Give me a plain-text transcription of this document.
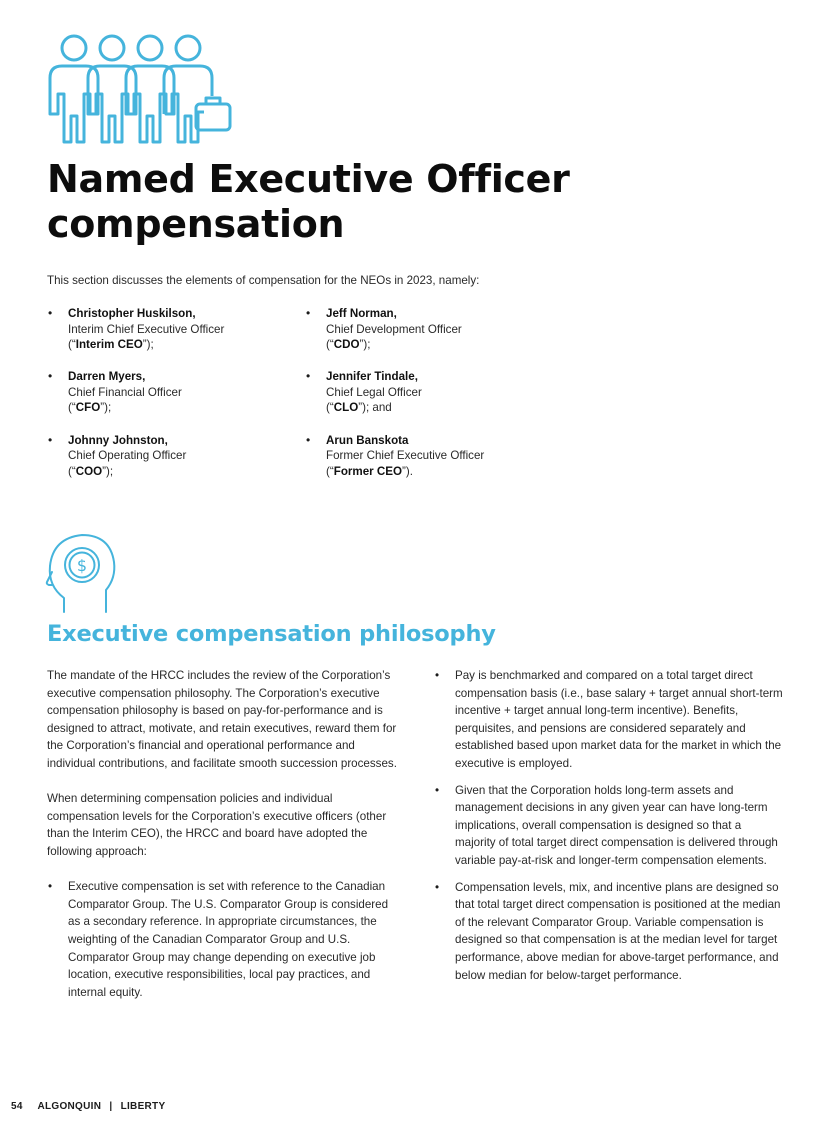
Named Executive Officer compensation

This section discusses the elements of compensation for the NEOs in 2023, namely:

• Christopher Huskilson,
Interim Chief Executive Officer
(“Interim CEO”);
• Darren Myers,
Chief Financial Officer
(“CFO”);
• Johnny Johnston,
Chief Operating Officer
(“COO”);
• Jeff Norman,
Chief Development Officer
(“CDO”);
• Jennifer Tindale,
Chief Legal Officer
(“CLO”); and
• Arun Banskota
Former Chief Executive Officer
(“Former CEO”).
$
Executive compensation philosophy

The mandate of the HRCC includes the review of the Corporation’s executive compensation philosophy. The Corporation’s executive compensation philosophy is based on pay-for-performance and is designed to attract, motivate, and retain executives, reward them for the Corporation’s financial and operational performance and individual contributions, and facilitate smooth succession processes.

When determining compensation policies and individual compensation levels for the Corporation’s executive officers (other than the Interim CEO), the HRCC and board have adopted the following approach:

• Executive compensation is set with reference to the Canadian Comparator Group. The U.S. Comparator Group is considered as a secondary reference. In appropriate circumstances, the weighting of the Canadian Comparator Group and U.S. Comparator Group may change depending on executive job location, executive responsibilities, local pay practices, and internal equity.

• Pay is benchmarked and compared on a total target direct compensation basis (i.e., base salary + target annual short-term incentive + target annual long-term incentive). Benefits, perquisites, and pensions are considered separately and established based upon market data for the market in which the executive is employed.

• Given that the Corporation holds long-term assets and management decisions in any given year can have long-term implications, overall compensation is designed so that a majority of total target direct compensation is delivered through variable pay-at-risk and longer-term compensation elements.

• Compensation levels, mix, and incentive plans are designed so that total target direct compensation is positioned at the median of the relevant Comparator Group. Variable compensation is designed so that compensation is at the median level for target performance, above median for above-target performance, and below median for below-target performance.

54 ALGONQUIN | LIBERTY
